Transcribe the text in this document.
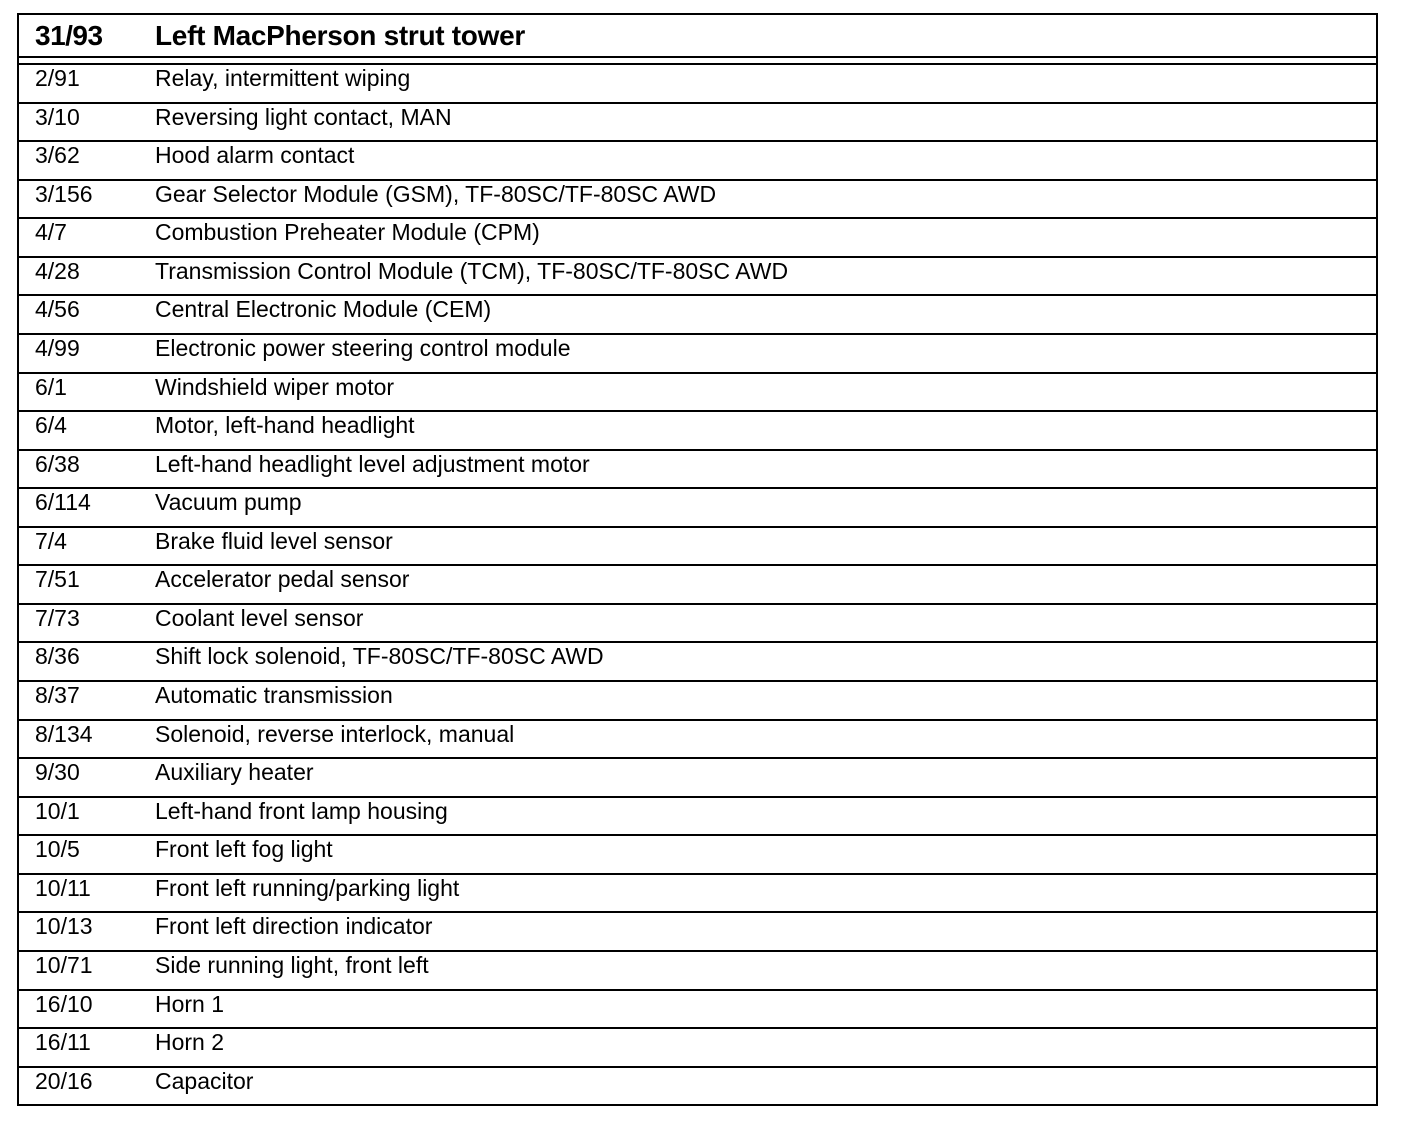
31/93	Left MacPherson strut tower
2/91	Relay, intermittent wiping
3/10	Reversing light contact, MAN
3/62	Hood alarm contact
3/156	Gear Selector Module (GSM), TF-80SC/TF-80SC AWD
4/7	Combustion Preheater Module (CPM)
4/28	Transmission Control Module (TCM), TF-80SC/TF-80SC AWD
4/56	Central Electronic Module (CEM)
4/99	Electronic power steering control module
6/1	Windshield wiper motor
6/4	Motor, left-hand headlight
6/38	Left-hand headlight level adjustment motor
6/114	Vacuum pump
7/4	Brake fluid level sensor
7/51	Accelerator pedal sensor
7/73	Coolant level sensor
8/36	Shift lock solenoid, TF-80SC/TF-80SC AWD
8/37	Automatic transmission
8/134	Solenoid, reverse interlock, manual
9/30	Auxiliary heater
10/1	Left-hand front lamp housing
10/5	Front left fog light
10/11	Front left running/parking light
10/13	Front left direction indicator
10/71	Side running light, front left
16/10	Horn 1
16/11	Horn 2
20/16	Capacitor
